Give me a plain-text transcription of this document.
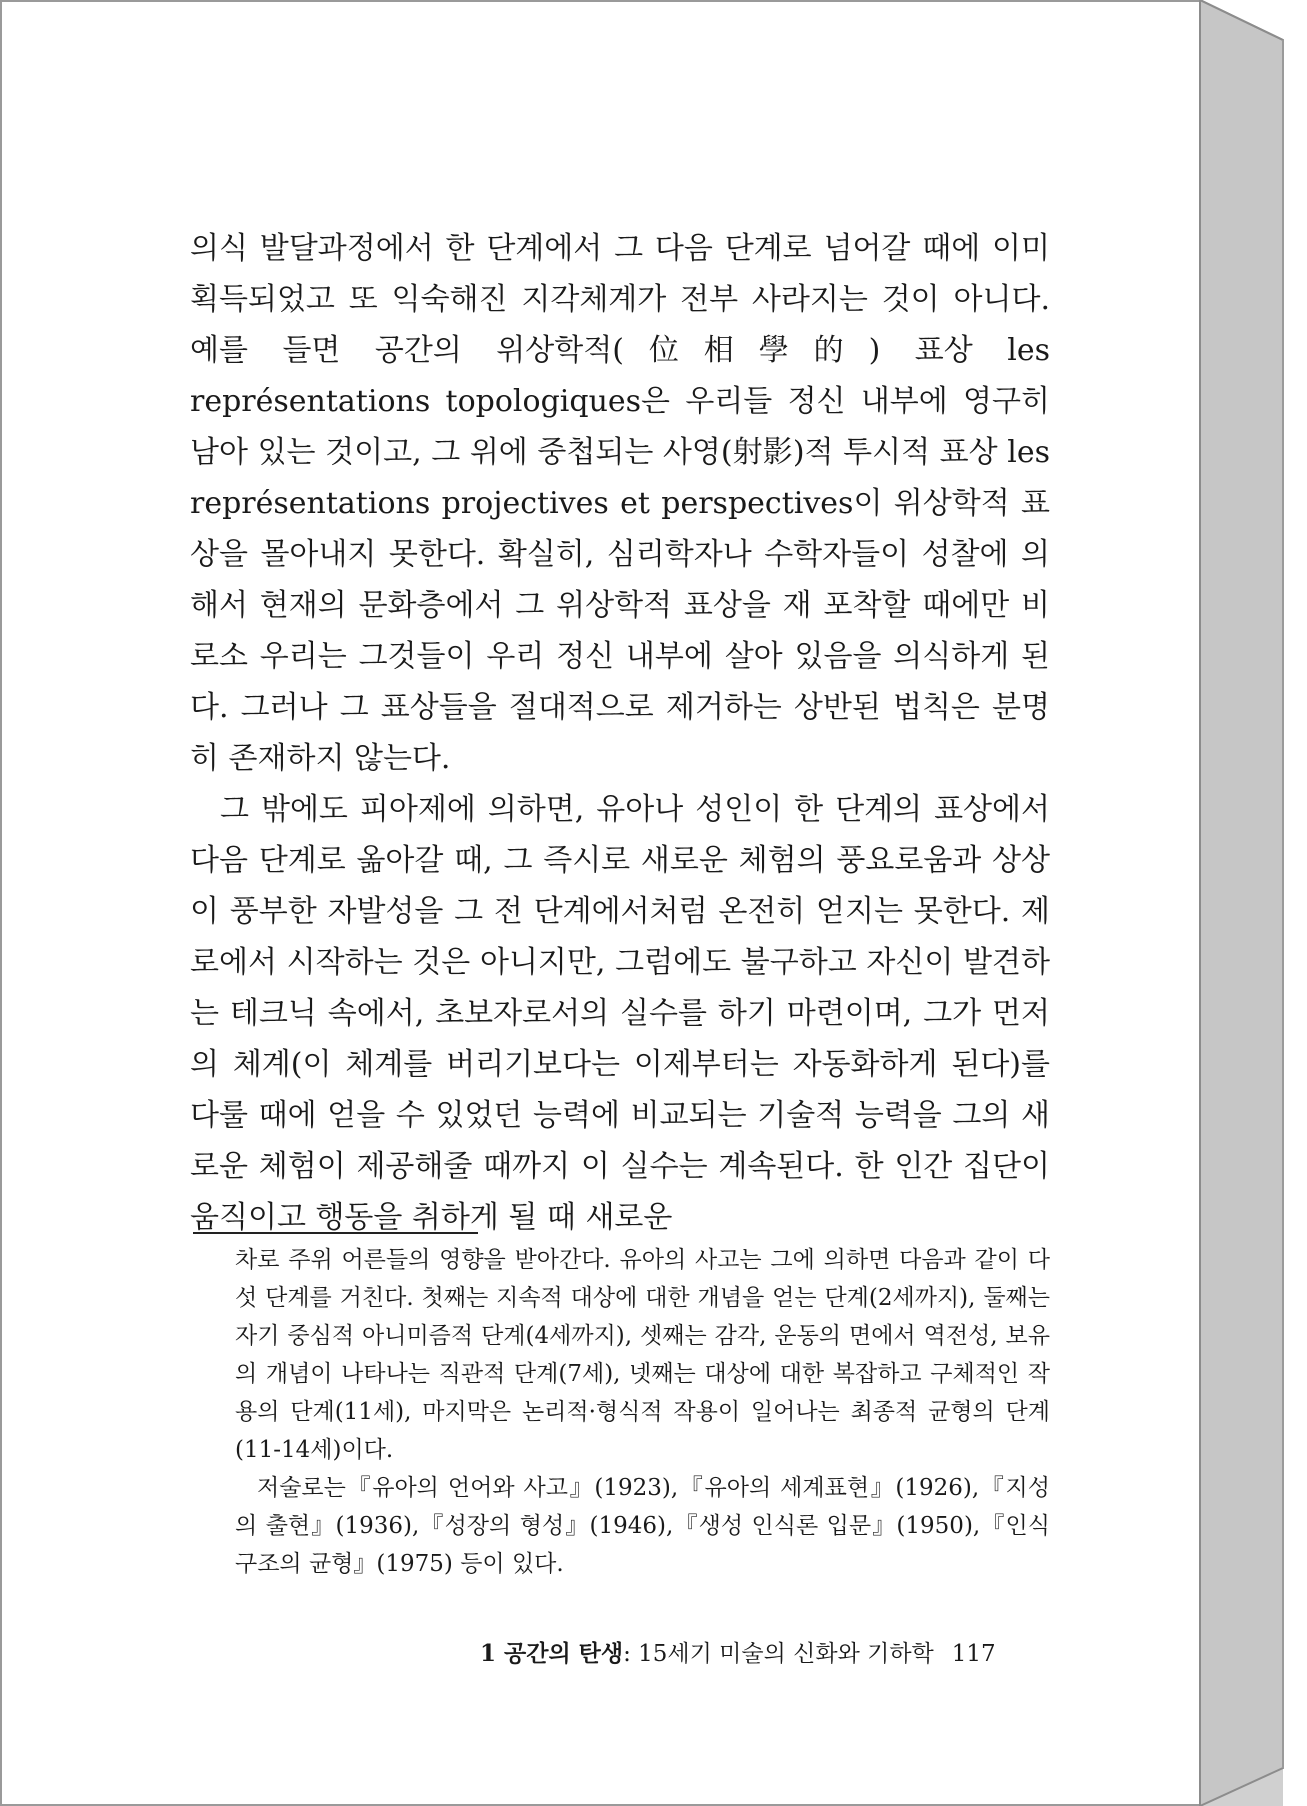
의식 발달과정에서 한 단계에서 그 다음 단계로 넘어갈 때에 이미 획득되었고 또 익숙해진 지각체계가 전부 사라지는 것이 아니다. 예를 들면 공간의 위상학적(位相學的) 표상 les représentations topologiques은 우리들 정신 내부에 영구히 남아 있는 것이고, 그 위에 중첩되는 사영(射影)적 투시적 표상 les représentations projectives et perspectives이 위상학적 표상을 몰아내지 못한다. 확실히, 심리학자나 수학자들이 성찰에 의해서 현재의 문화층에서 그 위상학적 표상을 재 포착할 때에만 비로소 우리는 그것들이 우리 정신 내부에 살아 있음을 의식하게 된다. 그러나 그 표상들을 절대적으로 제거하는 상반된 법칙은 분명히 존재하지 않는다.

그 밖에도 피아제에 의하면, 유아나 성인이 한 단계의 표상에서 다음 단계로 옮아갈 때, 그 즉시로 새로운 체험의 풍요로움과 상상이 풍부한 자발성을 그 전 단계에서처럼 온전히 얻지는 못한다. 제로에서 시작하는 것은 아니지만, 그럼에도 불구하고 자신이 발견하는 테크닉 속에서, 초보자로서의 실수를 하기 마련이며, 그가 먼저의 체계(이 체계를 버리기보다는 이제부터는 자동화하게 된다)를 다룰 때에 얻을 수 있었던 능력에 비교되는 기술적 능력을 그의 새로운 체험이 제공해줄 때까지 이 실수는 계속된다. 한 인간 집단이 움직이고 행동을 취하게 될 때 새로운

차로 주위 어른들의 영향을 받아간다. 유아의 사고는 그에 의하면 다음과 같이 다섯 단계를 거친다. 첫째는 지속적 대상에 대한 개념을 얻는 단계(2세까지), 둘째는 자기 중심적 아니미즘적 단계(4세까지), 셋째는 감각, 운동의 면에서 역전성, 보유의 개념이 나타나는 직관적 단계(7세), 넷째는 대상에 대한 복잡하고 구체적인 작용의 단계(11세), 마지막은 논리적·형식적 작용이 일어나는 최종적 균형의 단계(11-14세)이다.

저술로는『유아의 언어와 사고』(1923),『유아의 세계표현』(1926),『지성의 출현』(1936),『성장의 형성』(1946),『생성 인식론 입문』(1950),『인식구조의 균형』(1975) 등이 있다.

1 공간의 탄생: 15세기 미술의 신화와 기하학 117
